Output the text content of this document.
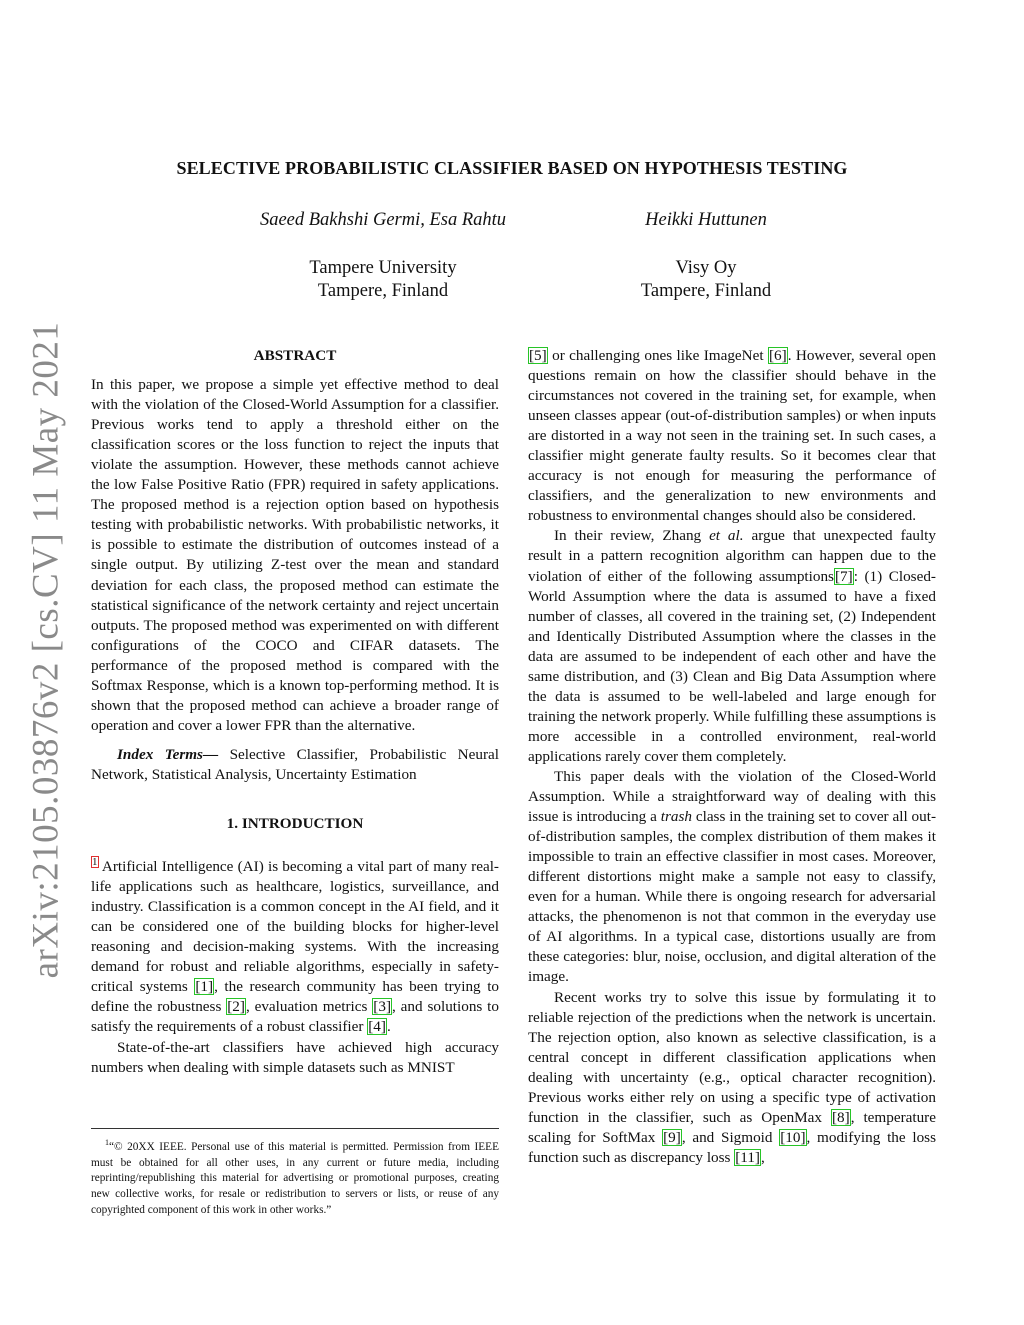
arXiv:2105.03876v2 [cs.CV] 11 May 2021
SELECTIVE PROBABILISTIC CLASSIFIER BASED ON HYPOTHESIS TESTING
Saeed Bakhshi Germi, Esa Rahtu
Tampere University
Tampere, Finland
Heikki Huttunen
Visy Oy
Tampere, Finland

ABSTRACT

In this paper, we propose a simple yet effective method to deal with the violation of the Closed-World Assumption for a classifier. Previous works tend to apply a threshold either on the classification scores or the loss function to reject the inputs that violate the assumption. However, these methods cannot achieve the low False Positive Ratio (FPR) required in safety applications. The proposed method is a rejection option based on hypothesis testing with probabilistic networks. With probabilistic networks, it is possible to estimate the distribution of outcomes instead of a single output. By utilizing Z-test over the mean and standard deviation for each class, the proposed method can estimate the statistical significance of the network certainty and reject uncertain outputs. The proposed method was experimented on with different configurations of the COCO and CIFAR datasets. The performance of the proposed method is compared with the Softmax Response, which is a known top-performing method. It is shown that the proposed method can achieve a broader range of operation and cover a lower FPR than the alternative.

Index Terms— Selective Classifier, Probabilistic Neural Network, Statistical Analysis, Uncertainty Estimation

1. INTRODUCTION

$^1$ Artificial Intelligence (AI) is becoming a vital part of many real-life applications such as healthcare, logistics, surveillance, and industry. Classification is a common concept in the AI field, and it can be considered one of the building blocks for higher-level reasoning and decision-making systems. With the increasing demand for robust and reliable algorithms, especially in safety-critical systems [1], the research community has been trying to define the robustness [2], evaluation metrics [3], and solutions to satisfy the requirements of a robust classifier [4].

State-of-the-art classifiers have achieved high accuracy numbers when dealing with simple datasets such as MNIST

$^1$“© 20XX IEEE. Personal use of this material is permitted. Permission from IEEE must be obtained for all other uses, in any current or future media, including reprinting/republishing this material for advertising or promotional purposes, creating new collective works, for resale or redistribution to servers or lists, or reuse of any copyrighted component of this work in other works.”

[5] or challenging ones like ImageNet [6]. However, several open questions remain on how the classifier should behave in the circumstances not covered in the training set, for example, when unseen classes appear (out-of-distribution samples) or when inputs are distorted in a way not seen in the training set. In such cases, a classifier might generate faulty results. So it becomes clear that accuracy is not enough for measuring the performance of classifiers, and the generalization to new environments and robustness to environmental changes should also be considered.

In their review, Zhang et al. argue that unexpected faulty result in a pattern recognition algorithm can happen due to the violation of either of the following assumptions[7]: (1) Closed-World Assumption where the data is assumed to have a fixed number of classes, all covered in the training set, (2) Independent and Identically Distributed Assumption where the classes in the data are assumed to be independent of each other and have the same distribution, and (3) Clean and Big Data Assumption where the data is assumed to be well-labeled and large enough for training the network properly. While fulfilling these assumptions is more accessible in a controlled environment, real-world applications rarely cover them completely.

This paper deals with the violation of the Closed-World Assumption. While a straightforward way of dealing with this issue is introducing a trash class in the training set to cover all out-of-distribution samples, the complex distribution of them makes it impossible to train an effective classifier in most cases. Moreover, different distortions might make a sample not easy to classify, even for a human. While there is ongoing research for adversarial attacks, the phenomenon is not that common in the everyday use of AI algorithms. In a typical case, distortions usually are from these categories: blur, noise, occlusion, and digital alteration of the image.

Recent works try to solve this issue by formulating it to reliable rejection of the predictions when the network is uncertain. The rejection option, also known as selective classification, is a central concept in different classification applications when dealing with uncertainty (e.g., optical character recognition). Previous works either rely on using a specific type of activation function in the classifier, such as OpenMax [8], temperature scaling for SoftMax [9], and Sigmoid [10], modifying the loss function such as discrepancy loss [11],
